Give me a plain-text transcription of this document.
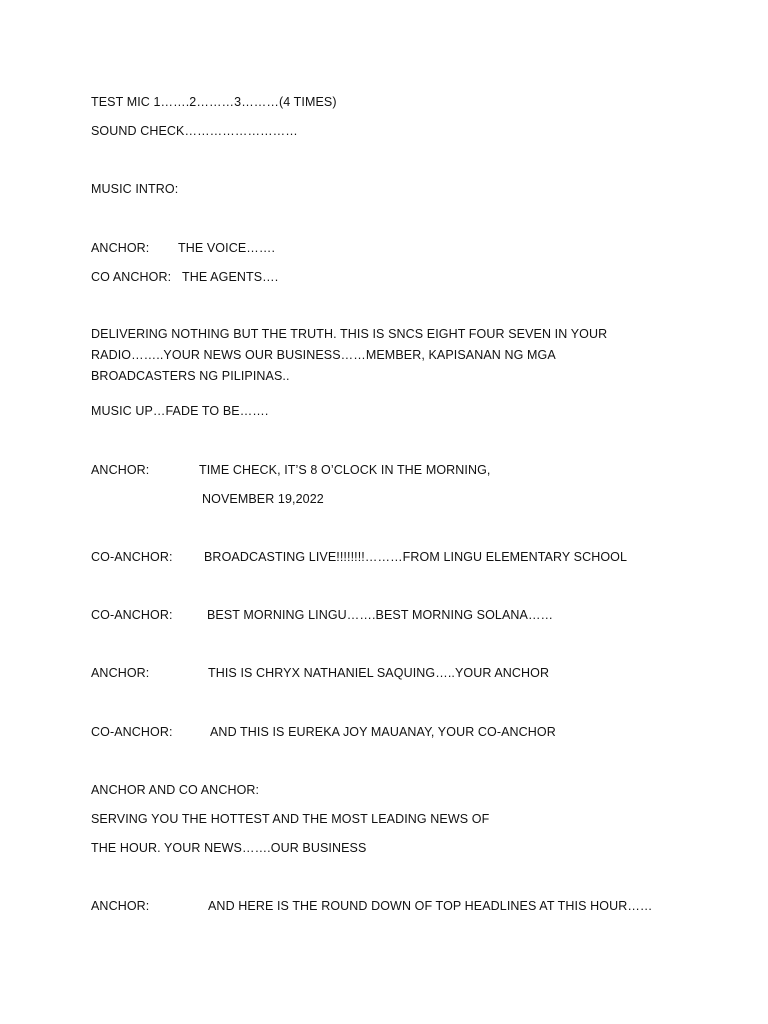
TEST MIC 1…….2………3………(4 TIMES)
SOUND CHECK………………………
MUSIC INTRO:

ANCHOR:

THE VOICE…….

CO ANCHOR:

THE AGENTS….

DELIVERING NOTHING BUT THE TRUTH. THIS IS SNCS EIGHT FOUR SEVEN IN YOUR RADIO……..YOUR NEWS OUR BUSINESS……MEMBER, KAPISANAN NG MGA BROADCASTERS NG PILIPINAS..
MUSIC UP…FADE TO BE…….

ANCHOR:

	TIME CHECK, IT’S 8 O’CLOCK IN THE MORNING,

NOVEMBER 19,2022

CO-ANCHOR:

	BROADCASTING LIVE!!!!!!!!………FROM LINGU ELEMENTARY SCHOOL

CO-ANCHOR:

	BEST MORNING LINGU…….BEST MORNING SOLANA……

ANCHOR:

	THIS IS CHRYX NATHANIEL SAQUING…..YOUR ANCHOR

CO-ANCHOR:

	AND THIS IS EUREKA JOY MAUANAY, YOUR CO-ANCHOR

ANCHOR AND CO ANCHOR:
SERVING YOU THE HOTTEST AND THE MOST LEADING NEWS OF
THE HOUR. YOUR NEWS…….OUR BUSINESS

ANCHOR:

	AND HERE IS THE ROUND DOWN OF TOP HEADLINES AT THIS HOUR……
